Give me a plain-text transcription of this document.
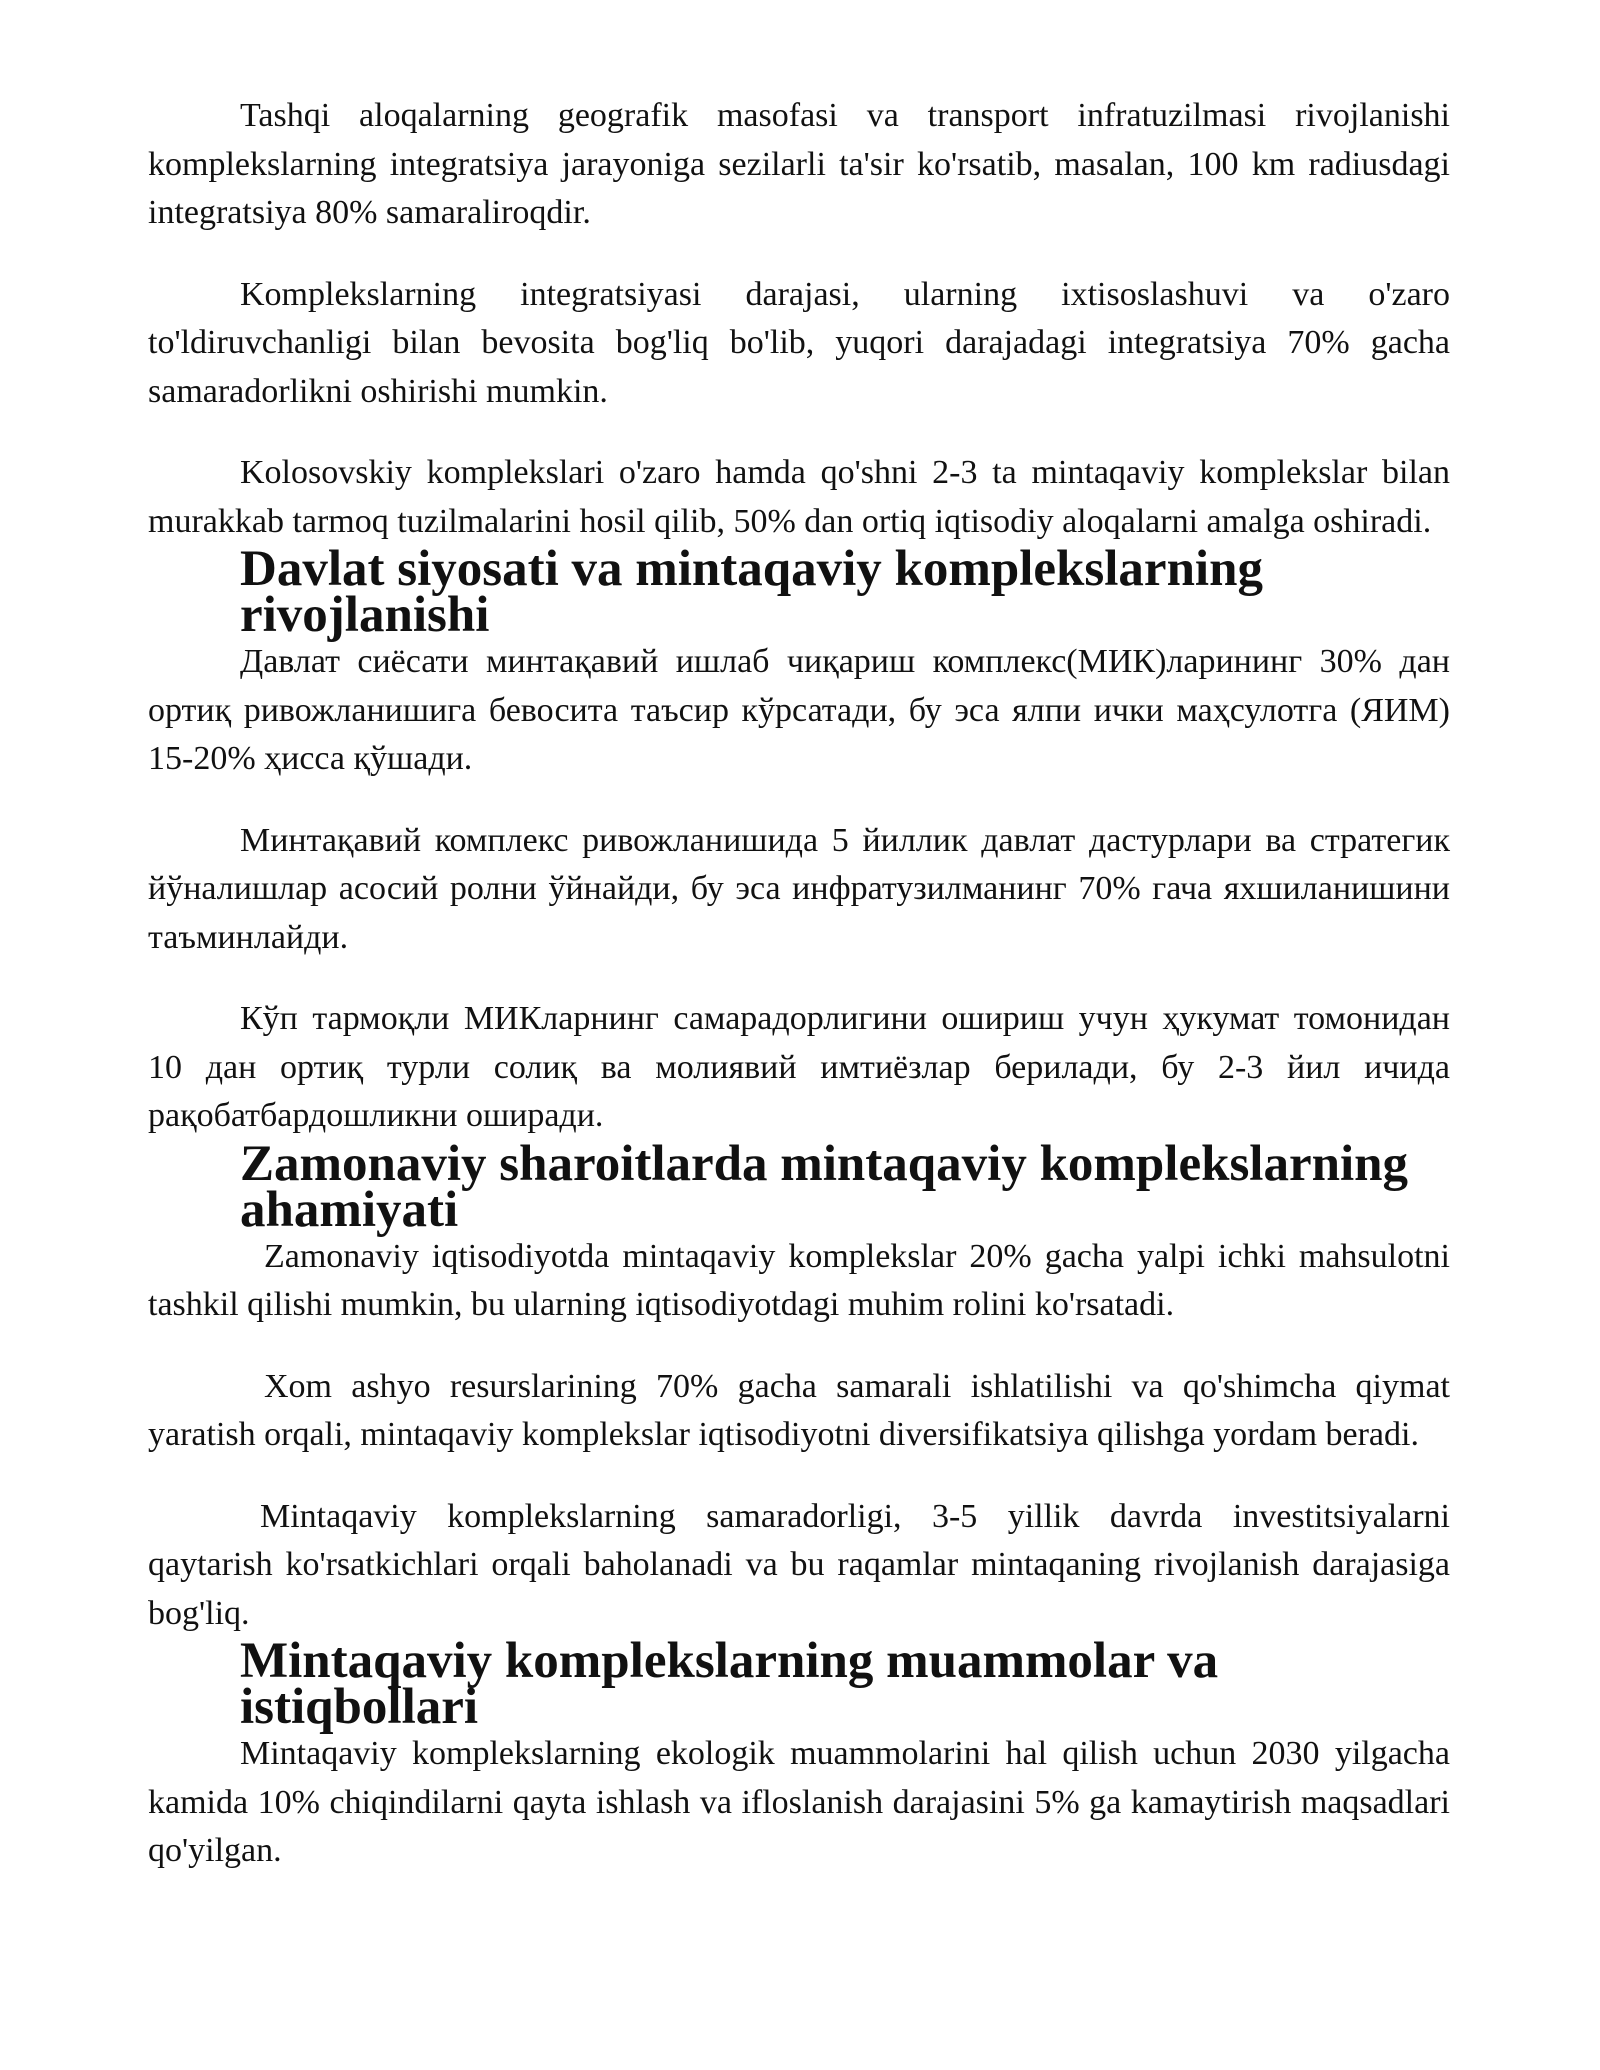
Tashqi aloqalarning geografik masofasi va transport infratuzilmasi rivojlanishi komplekslarning integratsiya jarayoniga sezilarli ta'sir ko'rsatib, masalan, 100 km radiusdagi integratsiya 80% samaraliroqdir.

Komplekslarning integratsiyasi darajasi, ularning ixtisoslashuvi va o'zaro to'ldiruvchanligi bilan bevosita bog'liq bo'lib, yuqori darajadagi integratsiya 70% gacha samaradorlikni oshirishi mumkin.

Kolosovskiy komplekslari o'zaro hamda qo'shni 2-3 ta mintaqaviy komplekslar bilan murakkab tarmoq tuzilmalarini hosil qilib, 50% dan ortiq iqtisodiy aloqalarni amalga oshiradi.

Davlat siyosati va mintaqaviy komplekslarning rivojlanishi

Давлат сиёсати минтақавий ишлаб чиқариш комплекс(МИК)ларининг 30% дан ортиқ ривожланишига бевосита таъсир кўрсатади, бу эса ялпи ички маҳсулотга (ЯИМ) 15-20% ҳисса қўшади.

Минтақавий комплекс ривожланишида 5 йиллик давлат дастурлари ва стратегик йўналишлар асосий ролни ўйнайди, бу эса инфратузилманинг 70% гача яхшиланишини таъминлайди.

Кўп тармоқли МИКларнинг самарадорлигини ошириш учун ҳукумат томонидан 10 дан ортиқ турли солиқ ва молиявий имтиёзлар берилади, бу 2-3 йил ичида рақобатбардошликни оширади.

Zamonaviy sharoitlarda mintaqaviy komplekslarning ahamiyati

Zamonaviy iqtisodiyotda mintaqaviy komplekslar 20% gacha yalpi ichki mahsulotni tashkil qilishi mumkin, bu ularning iqtisodiyotdagi muhim rolini ko'rsatadi.

Xom ashyo resurslarining 70% gacha samarali ishlatilishi va qo'shimcha qiymat yaratish orqali, mintaqaviy komplekslar iqtisodiyotni diversifikatsiya qilishga yordam beradi.

Mintaqaviy komplekslarning samaradorligi, 3-5 yillik davrda investitsiyalarni qaytarish ko'rsatkichlari orqali baholanadi va bu raqamlar mintaqaning rivojlanish darajasiga bog'liq.

Mintaqaviy komplekslarning muammolar va istiqbollari

Mintaqaviy komplekslarning ekologik muammolarini hal qilish uchun 2030 yilgacha kamida 10% chiqindilarni qayta ishlash va ifloslanish darajasini 5% ga kamaytirish maqsadlari qo'yilgan.
